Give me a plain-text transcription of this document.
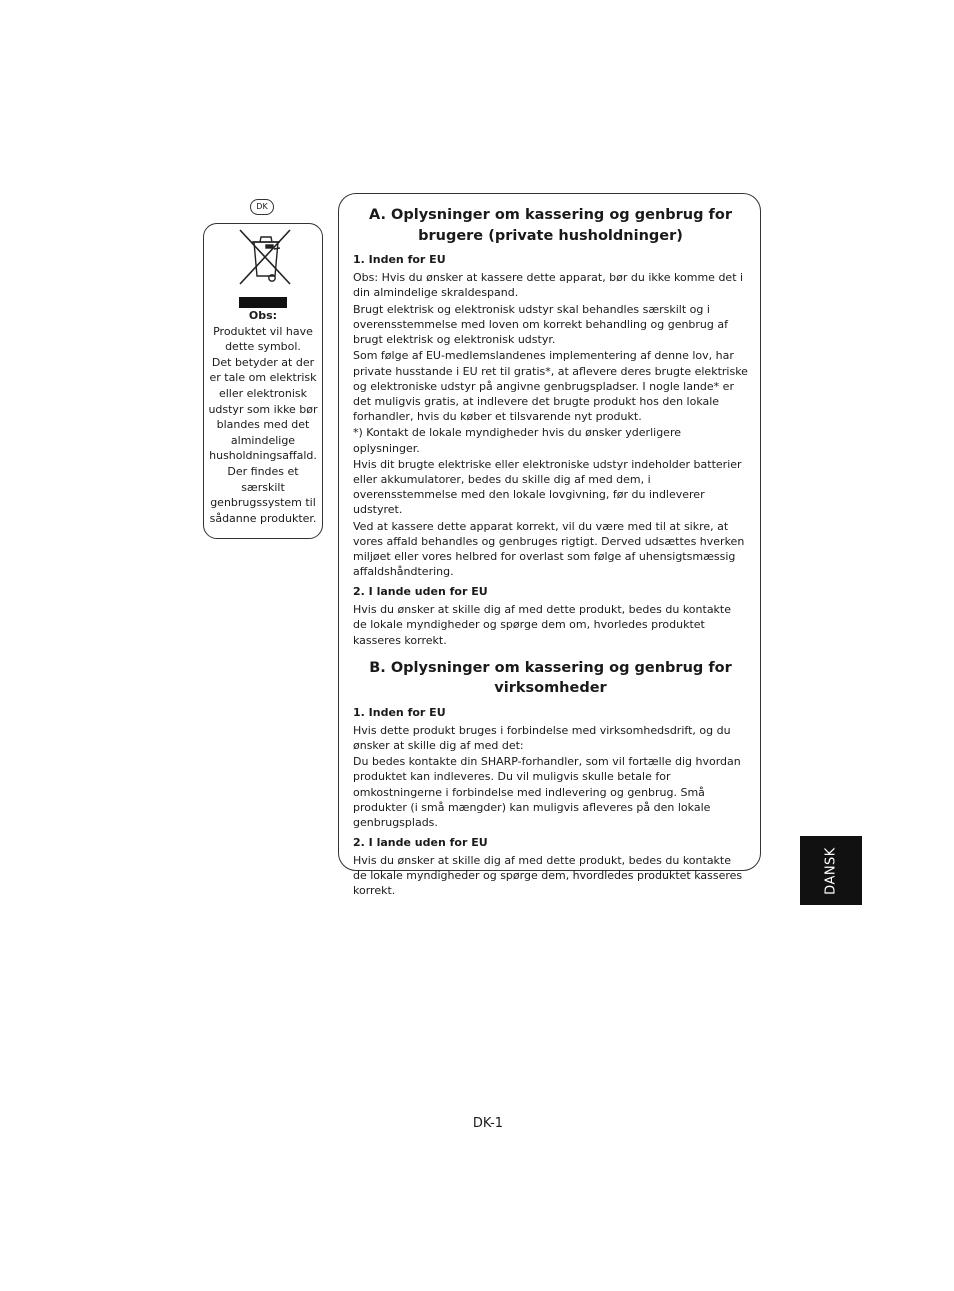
DK
Obs:
Produktet vil have
dette symbol.
Det betyder at der
er tale om elektrisk
eller elektronisk
udstyr som ikke bør
blandes med det
almindelige
husholdningsaffald.
Der findes et
særskilt
genbrugssystem til
sådanne produkter.
A. Oplysninger om kassering og genbrug for
brugere (private husholdninger)
1. Inden for EU

Obs: Hvis du ønsker at kassere dette apparat, bør du ikke komme det i din almindelige skraldespand.

Brugt elektrisk og elektronisk udstyr skal behandles særskilt og i overensstemmelse med loven om korrekt behandling og genbrug af brugt elektrisk og elektronisk udstyr.

Som følge af EU-medlemslandenes implementering af denne lov, har private husstande i EU ret til gratis*, at aflevere deres brugte elektriske og elektroniske udstyr på angivne genbrugspladser. I nogle lande* er det muligvis gratis, at indlevere det brugte produkt hos den lokale forhandler, hvis du køber et tilsvarende nyt produkt.

*) Kontakt de lokale myndigheder hvis du ønsker yderligere oplysninger.

Hvis dit brugte elektriske eller elektroniske udstyr indeholder batterier eller akkumulatorer, bedes du skille dig af med dem, i overensstemmelse med den lokale lovgivning, før du indleverer udstyret.

Ved at kassere dette apparat korrekt, vil du være med til at sikre, at vores affald behandles og genbruges rigtigt. Derved udsættes hverken miljøet eller vores helbred for overlast som følge af uhensigtsmæssig affaldshåndtering.

2. I lande uden for EU

Hvis du ønsker at skille dig af med dette produkt, bedes du kontakte de lokale myndigheder og spørge dem om, hvorledes produktet kasseres korrekt.

B. Oplysninger om kassering og genbrug for
virksomheder
1. Inden for EU

Hvis dette produkt bruges i forbindelse med virksomhedsdrift, og du ønsker at skille dig af med det:

Du bedes kontakte din SHARP-forhandler, som vil fortælle dig hvordan produktet kan indleveres. Du vil muligvis skulle betale for omkostningerne i forbindelse med indlevering og genbrug. Små produkter (i små mængder) kan muligvis afleveres på den lokale genbrugsplads.

2. I lande uden for EU

Hvis du ønsker at skille dig af med dette produkt, bedes du kontakte de lokale myndigheder og spørge dem, hvordledes produktet kasseres korrekt.	DANSK
DK-1
